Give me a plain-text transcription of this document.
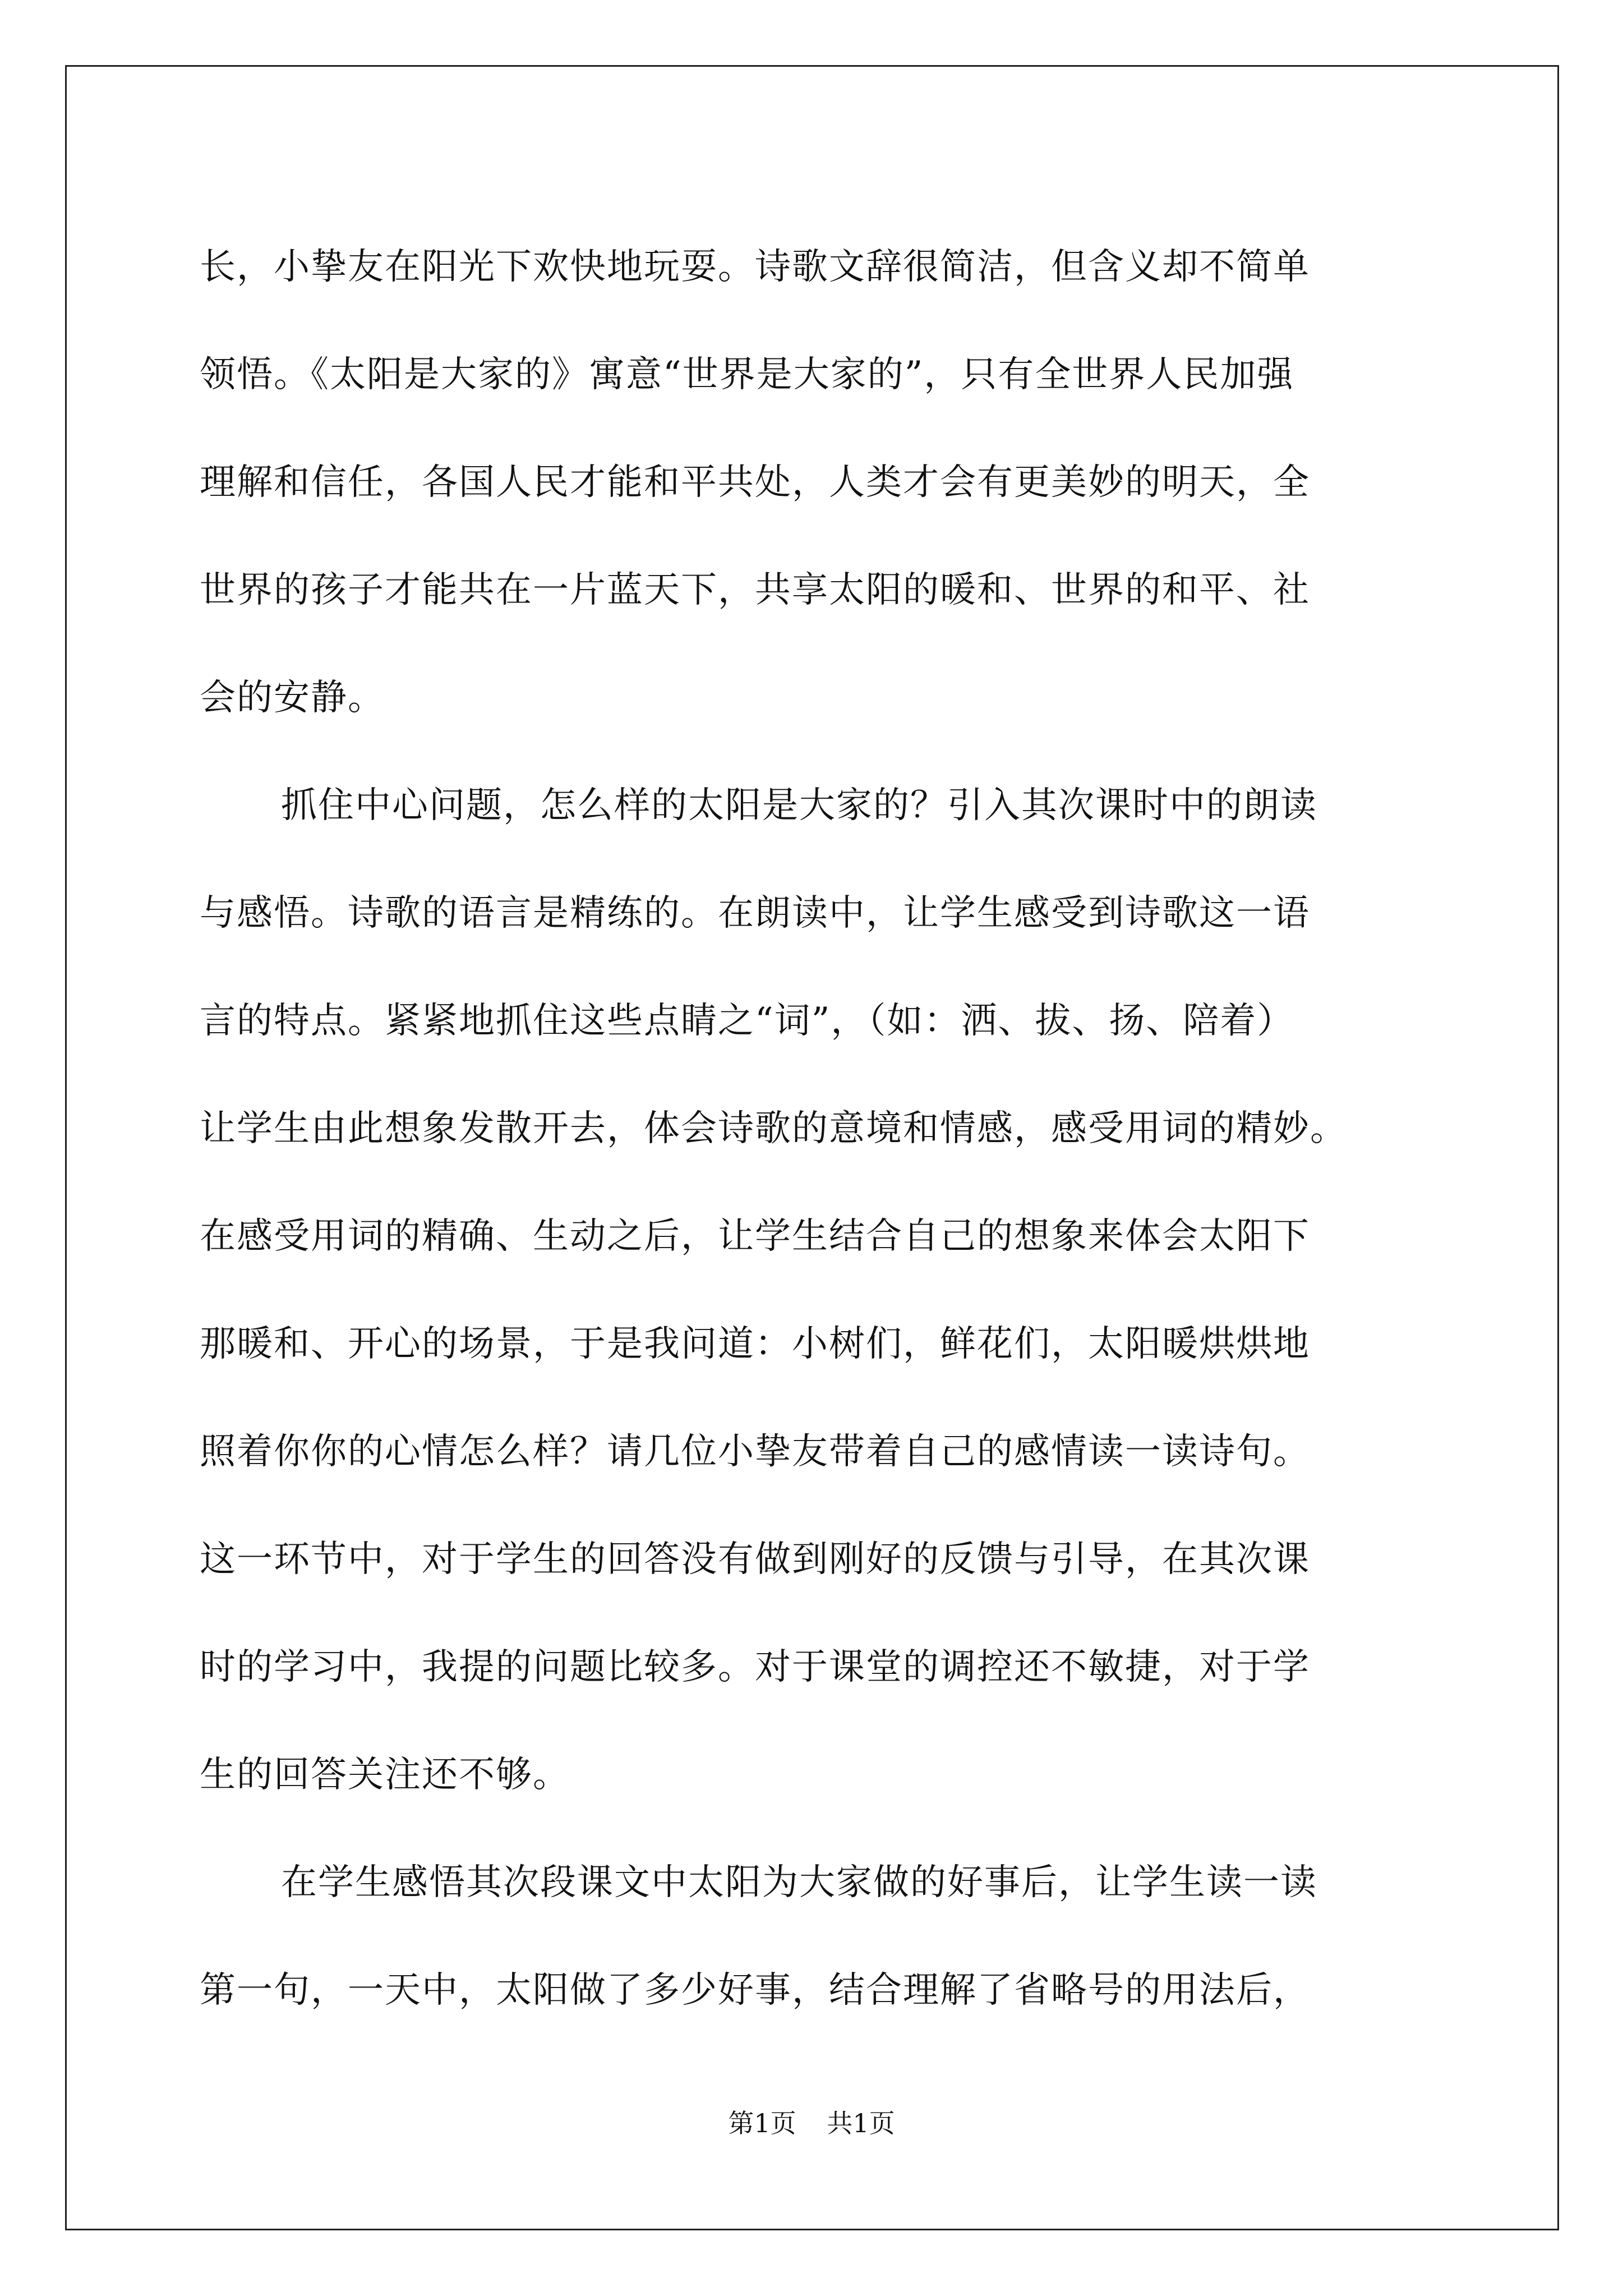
长，小挚友在阳光下欢快地玩耍。诗歌文辞很简洁，但含义却不简单
领悟。《太阳是大家的》寓意“世界是大家的”，只有全世界人民加强
理解和信任，各国人民才能和平共处，人类才会有更美妙的明天，全
世界的孩子才能共在一片蓝天下，共享太阳的暖和、世界的和平、社
会的安静。
抓住中心问题，怎么样的太阳是大家的？引入其次课时中的朗读
与感悟。诗歌的语言是精练的。在朗读中，让学生感受到诗歌这一语
言的特点。紧紧地抓住这些点睛之“词”，（如：洒、拔、扬、陪着）
让学生由此想象发散开去，体会诗歌的意境和情感，感受用词的精妙。
在感受用词的精确、生动之后，让学生结合自己的想象来体会太阳下
那暖和、开心的场景，于是我问道：小树们，鲜花们，太阳暖烘烘地
照着你你的心情怎么样？请几位小挚友带着自己的感情读一读诗句。
这一环节中，对于学生的回答没有做到刚好的反馈与引导，在其次课
时的学习中，我提的问题比较多。对于课堂的调控还不敏捷，对于学
生的回答关注还不够。
在学生感悟其次段课文中太阳为大家做的好事后，让学生读一读
第一句，一天中，太阳做了多少好事，结合理解了省略号的用法后，
第1页 共1页
